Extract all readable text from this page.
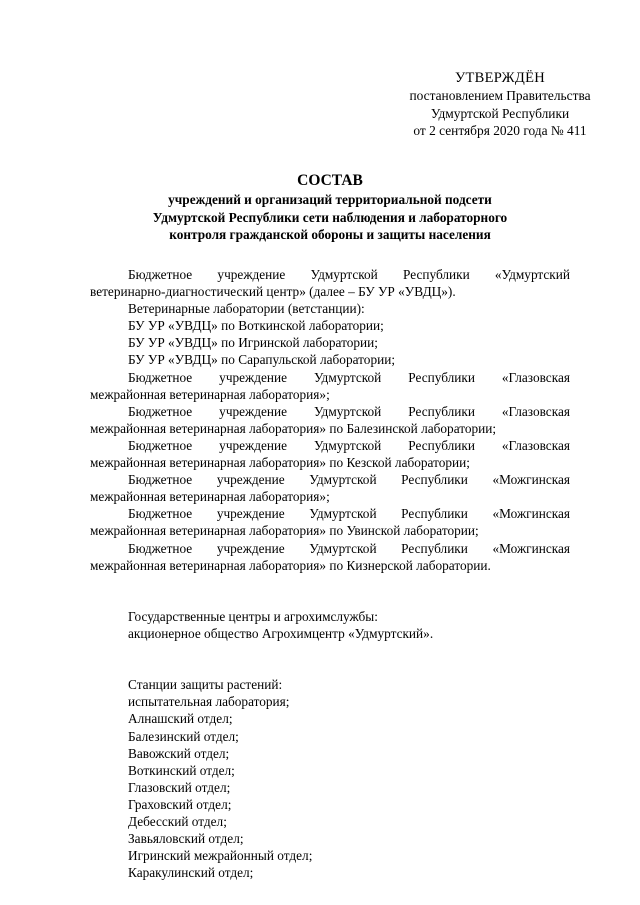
УТВЕРЖДЁН
постановлением Правительства
Удмуртской Республики
от 2 сентября 2020 года № 411
СОСТАВ
учреждений и организаций территориальной подсети
Удмуртской Республики сети наблюдения и лабораторного
контроля гражданской обороны и защиты населения
Бюджетное учреждение Удмуртской Республики «Удмуртский
ветеринарно-диагностический центр» (далее – БУ УР «УВДЦ»).
Ветеринарные лаборатории (ветстанции):
БУ УР «УВДЦ» по Воткинской лаборатории;
БУ УР «УВДЦ» по Игринской лаборатории;
БУ УР «УВДЦ» по Сарапульской лаборатории;
Бюджетное учреждение Удмуртской Республики «Глазовская
межрайонная ветеринарная лаборатория»;
Бюджетное учреждение Удмуртской Республики «Глазовская
межрайонная ветеринарная лаборатория» по Балезинской лаборатории;
Бюджетное учреждение Удмуртской Республики «Глазовская
межрайонная ветеринарная лаборатория» по Кезской лаборатории;
Бюджетное учреждение Удмуртской Республики «Можгинская
межрайонная ветеринарная лаборатория»;
Бюджетное учреждение Удмуртской Республики «Можгинская
межрайонная ветеринарная лаборатория» по Увинской лаборатории;
Бюджетное учреждение Удмуртской Республики «Можгинская
межрайонная ветеринарная лаборатория» по Кизнерской лаборатории.
Государственные центры и агрохимслужбы:
акционерное общество Агрохимцентр «Удмуртский».
Станции защиты растений:
испытательная лаборатория;
Алнашский отдел;
Балезинский отдел;
Вавожский отдел;
Воткинский отдел;
Глазовский отдел;
Граховский отдел;
Дебесский отдел;
Завьяловский отдел;
Игринский межрайонный отдел;
Каракулинский отдел;
